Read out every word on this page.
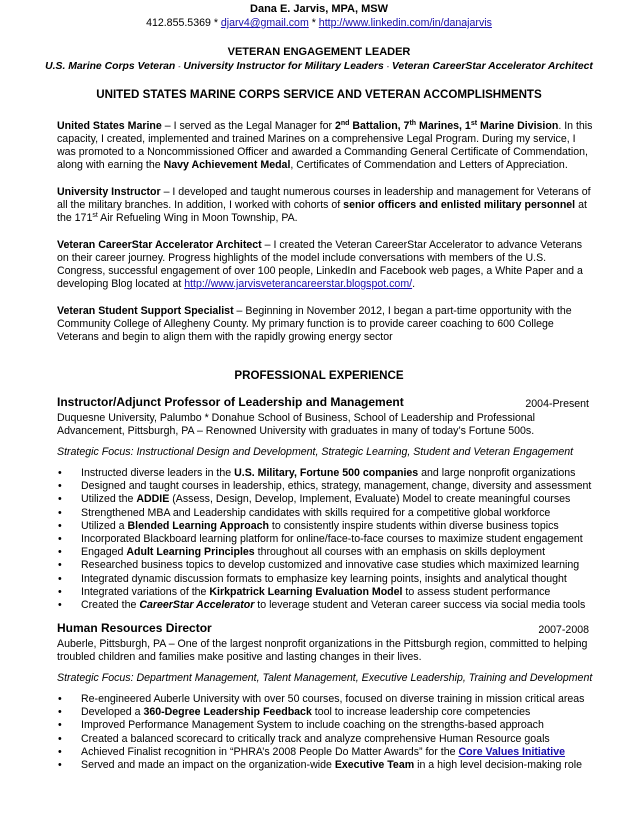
Dana E. Jarvis, MPA, MSW
412.855.5369 * djarv4@gmail.com * http://www.linkedin.com/in/danajarvis
VETERAN ENGAGEMENT LEADER
U.S. Marine Corps Veteran - University Instructor for Military Leaders - Veteran CareerStar Accelerator Architect
UNITED STATES MARINE CORPS SERVICE AND VETERAN ACCOMPLISHMENTS
United States Marine – I served as the Legal Manager for 2nd Battalion, 7th Marines, 1st Marine Division. In this
capacity, I created, implemented and trained Marines on a comprehensive Legal Program. During my service, I
was promoted to a Noncommissioned Officer and awarded a Commanding General Certificate of Commendation,
along with earning the Navy Achievement Medal, Certificates of Commendation and Letters of Appreciation.
University Instructor – I developed and taught numerous courses in leadership and management for Veterans of
all the military branches. In addition, I worked with cohorts of senior officers and enlisted military personnel at
the 171st Air Refueling Wing in Moon Township, PA.
Veteran CareerStar Accelerator Architect – I created the Veteran CareerStar Accelerator to advance Veterans
on their career journey. Progress highlights of the model include conversations with members of the U.S.
Congress, successful engagement of over 100 people, LinkedIn and Facebook web pages, a White Paper and a
developing Blog located at http://www.jarvisveterancareerstar.blogspot.com/.
Veteran Student Support Specialist – Beginning in November 2012, I began a part-time opportunity with the
Community College of Allegheny County. My primary function is to provide career coaching to 600 College
Veterans and begin to align them with the rapidly growing energy sector
PROFESSIONAL EXPERIENCE
Instructor/Adjunct Professor of Leadership and Management	2004-Present
Duquesne University, Palumbo * Donahue School of Business, School of Leadership and Professional
Advancement, Pittsburgh, PA – Renowned University with graduates in many of today’s Fortune 500s.
Strategic Focus: Instructional Design and Development, Strategic Learning, Student and Veteran Engagement
• Instructed diverse leaders in the U.S. Military, Fortune 500 companies and large nonprofit organizations
• Designed and taught courses in leadership, ethics, strategy, management, change, diversity and assessment
• Utilized the ADDIE (Assess, Design, Develop, Implement, Evaluate) Model to create meaningful courses
• Strengthened MBA and Leadership candidates with skills required for a competitive global workforce
• Utilized a Blended Learning Approach to consistently inspire students within diverse business topics
• Incorporated Blackboard learning platform for online/face-to-face courses to maximize student engagement
• Engaged Adult Learning Principles throughout all courses with an emphasis on skills deployment
• Researched business topics to develop customized and innovative case studies which maximized learning
• Integrated dynamic discussion formats to emphasize key learning points, insights and analytical thought
• Integrated variations of the Kirkpatrick Learning Evaluation Model to assess student performance
• Created the CareerStar Accelerator to leverage student and Veteran career success via social media tools
Human Resources Director	2007-2008
Auberle, Pittsburgh, PA – One of the largest nonprofit organizations in the Pittsburgh region, committed to helping
troubled children and families make positive and lasting changes in their lives.
Strategic Focus: Department Management, Talent Management, Executive Leadership, Training and Development
• Re-engineered Auberle University with over 50 courses, focused on diverse training in mission critical areas
• Developed a 360-Degree Leadership Feedback tool to increase leadership core competencies
• Improved Performance Management System to include coaching on the strengths-based approach
• Created a balanced scorecard to critically track and analyze comprehensive Human Resource goals
• Achieved Finalist recognition in “PHRA’s 2008 People Do Matter Awards” for the Core Values Initiative
• Served and made an impact on the organization-wide Executive Team in a high level decision-making role
